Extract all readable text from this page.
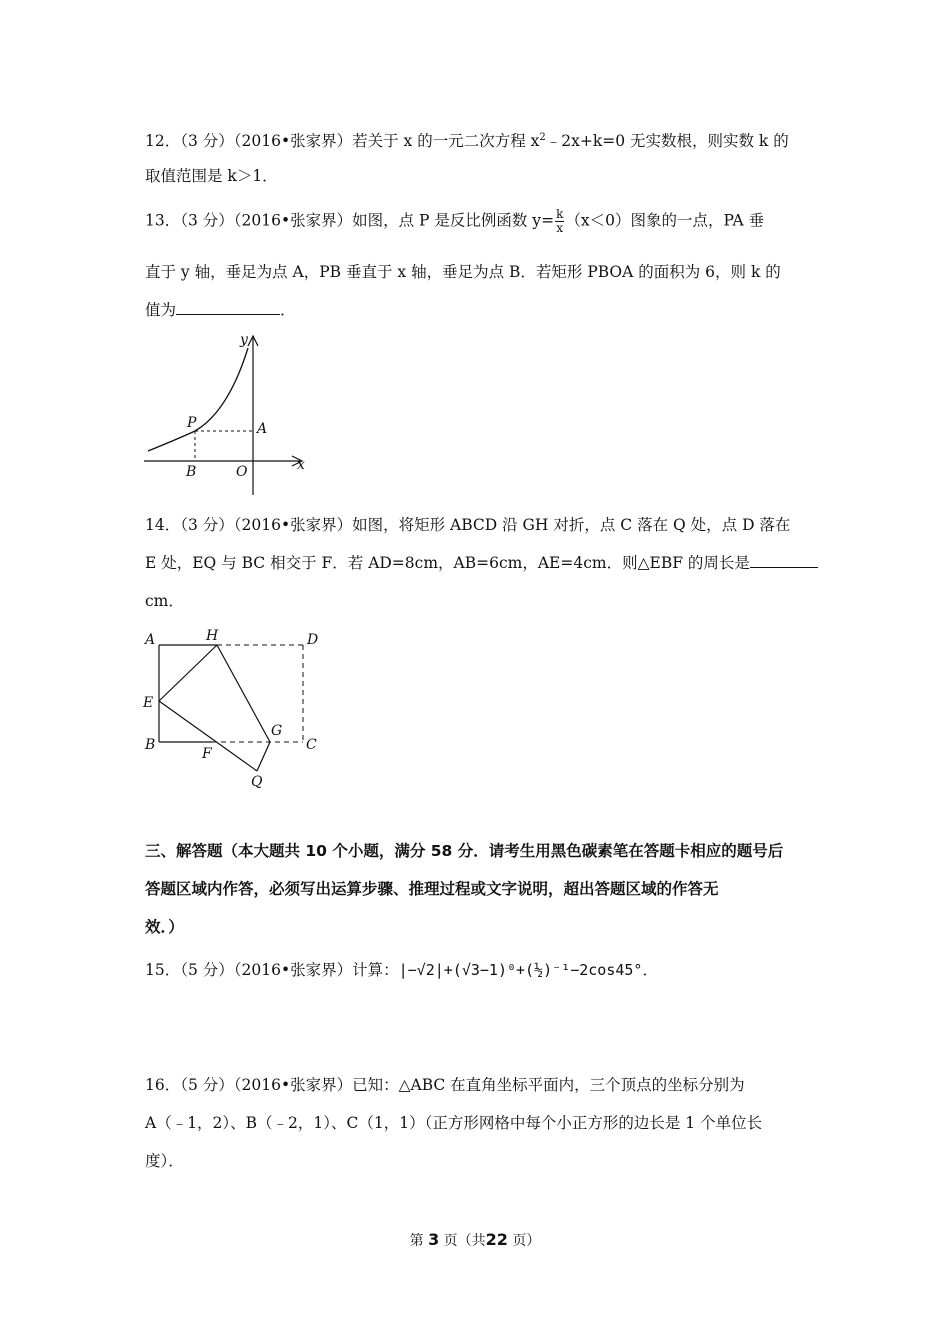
12．（3 分）（2016•张家界）若关于 x 的一元二次方程 $x^2﹣2x+k=0$ 无实数根，则实数 k 的
取值范围是 k＞1．
13．（3 分）（2016•张家界）如图，点 P 是反比例函数 $y= \frac{k}{x} (x<0)$图象的一点，PA 垂
直于 y 轴，垂足为点 A，PB 垂直于 x 轴，垂足为点 B．若矩形 PBOA 的面积为 6，则 k 的
值为	．
y
x
P	A
B	O
14．（3 分）（2016•张家界）如图，将矩形 ABCD 沿 GH 对折，点 C 落在 Q 处，点 D 落在
E 处，EQ 与 BC 相交于 F．若 AD=8cm，AB=6cm，AE=4cm．则△EBF 的周长是
cm．
A	H	D
E
B
F
G
C
Q
三、解答题（本大题共 10 个小题，满分 58 分．请考生用黑色碳素笔在答题卡相应的题号后
答题区域内作答，必须写出运算步骤、推理过程或文字说明，超出答题区域的作答无
效．）
15．（5 分）（2016•张家界）计算：|−√2|+(√3−1)⁰+(½)⁻¹−2cos45°．
16．（5 分）（2016•张家界）已知：△ABC 在直角坐标平面内，三个顶点的坐标分别为
A（﹣1，2）、B（﹣2，1）、C（1，1）（正方形网格中每个小正方形的边长是 1 个单位长
度）．
第 3 页（共22 页）
